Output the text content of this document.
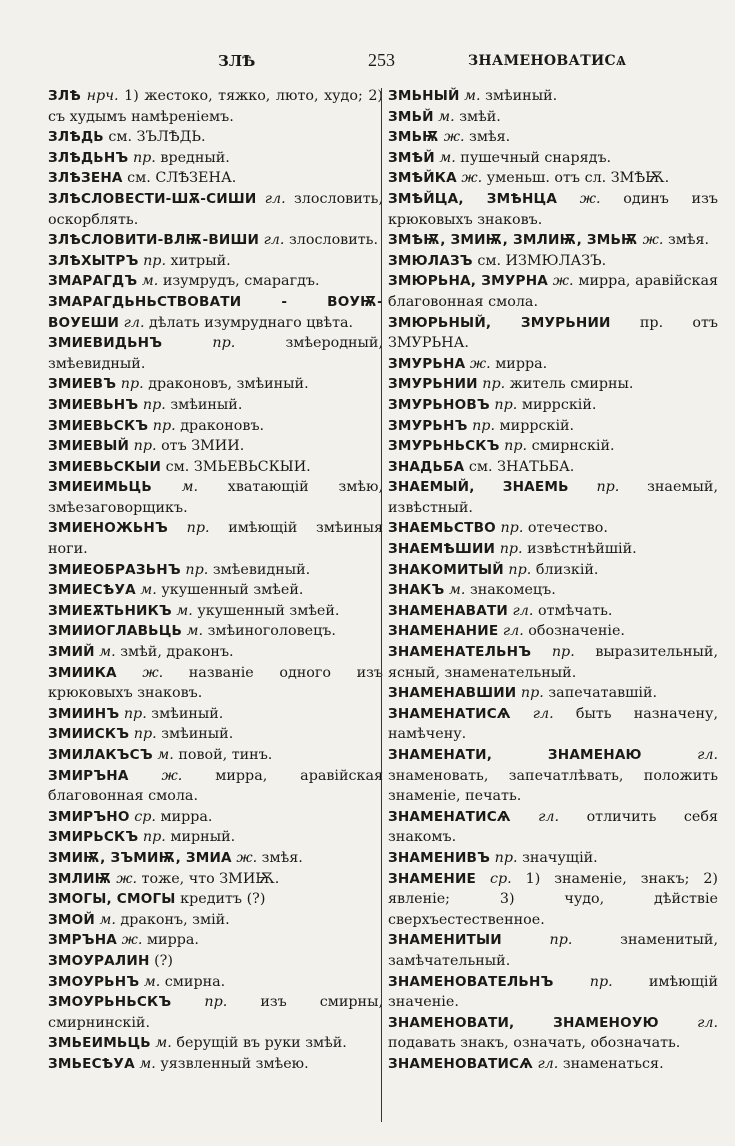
ЗЛѢ	253	ЗНАМЕНОВАТИСѦ
ЗЛѢ нрч. 1) жестоко, тяжко, люто, худо; 2) съ худымъ намѣреніемъ.
ЗЛѢДЬ см. ЗЪЛѢДЬ.
ЗЛѢДЬНЪ пр. вредный.
ЗЛѢЗЕНА см. СЛѢЗЕНА.
ЗЛѢСЛОВЕСТИ-ШѪ-СИШИ гл. злословить, оскорблять.
ЗЛѢСЛОВИТИ-ВЛѬ-ВИШИ гл. злословить.
ЗЛѢХЫТРЪ пр. хитрый.
ЗМАРАГДЪ м. изумрудъ, смарагдъ.
ЗМАРАГДЬНЬСТВОВАТИ - ВОУѬ-ВОУЕШИ гл. дѣлать изумруднаго цвѣта.
ЗМИЕВИДЬНЪ	пр.	змѣеродный, змѣевидный.
ЗМИЕВЪ пр. драконовъ, змѣиный.
ЗМИЕВЬНЪ пр. змѣиный.
ЗМИЕВЬСКЪ пр. драконовъ.
ЗМИЕВЫЙ пр. отъ ЗМИИ.
ЗМИЕВЬСКЫИ см. ЗМЬЕВЬСКЫИ.
ЗМИЕИМЬЦЬ м. хватающій змѣю, змѣезаговорщикъ.
ЗМИЕНОЖЬНЪ пр. имѣющій змѣиныя ноги.
ЗМИЕОБРАЗЬНЪ пр. змѣевидный.
ЗМИЕСѢУА м. укушенный змѣей.
ЗМИЕѪТЬНИКЪ м. укушенный змѣей.
ЗМИИОГЛАВЬЦЬ м. змѣиноголовецъ.
ЗМИЙ м. змѣй, драконъ.
ЗМИИКА ж. названіе одного изъ крюковыхъ знаковъ.
ЗМИИНЪ пр. змѣиный.
ЗМИИСКЪ пр. змѣиный.
ЗМИЛАКЪСЪ м. повой, тинъ.
ЗМИРЪНА ж. мирра, аравійская благовонная смола.
ЗМИРЪНО ср. мирра.
ЗМИРЬСКЪ пр. мирный.
ЗМИѬ, ЗЪМИѬ, ЗМИА ж. змѣя.
ЗМЛИѬ ж. тоже, что ЗМИѬ.
ЗМОГЫ, СМОГЫ кредитъ (?)
ЗМОЙ м. драконъ, змій.
ЗМРЪНА ж. мирра.
ЗМОУРАЛИН (?)
ЗМОУРЬНЪ м. смирна.
ЗМОУРЬНЬСКЪ пр. изъ смирны, смирнинскій.
ЗМЬЕИМЬЦЬ м. берущій въ руки змѣй.
ЗМЬЕСѢУА м. уязвленный змѣею.
ЗМЬНЫЙ м. змѣиный.
ЗМЬЙ м. змѣй.
ЗМЬѬ ж. змѣя.
ЗМѢЙ м. пушечный снарядъ.
ЗМѢЙКА ж. уменьш. отъ сл. ЗМѢѬ.
ЗМѢЙЦА, ЗМѢНЦА ж. одинъ изъ крюковыхъ знаковъ.
ЗМѢѬ, ЗМИѬ, ЗМЛИѬ, ЗМЬѬ ж. змѣя.
ЗМЮЛАЗЪ см. ИЗМЮЛАЗЪ.
ЗМЮРЬНА, ЗМУРНА ж. мирра, аравійская благовонная смола.
ЗМЮРЬНЫЙ, ЗМУРЬНИИ пр. отъ ЗМУРЬНА.
ЗМУРЬНА ж. мирра.
ЗМУРЬНИИ пр. житель смирны.
ЗМУРЬНОВЪ пр. миррскій.
ЗМУРЬНЪ пр. миррскій.
ЗМУРЬНЬСКЪ пр. смирнскій.
ЗНАДЬБА см. ЗНАТЬБА.
ЗНАЕМЫЙ, ЗНАЕМЬ пр. знаемый, извѣстный.
ЗНАЕМЬСТВО пр. отечество.
ЗНАЕМѢШИИ пр. извѣстнѣйшій.
ЗНАКОМИТЫЙ пр. близкій.
ЗНАКЪ м. знакомецъ.
ЗНАМЕНАВАТИ гл. отмѣчать.
ЗНАМЕНАНИЕ гл. обозначеніе.
ЗНАМЕНАТЕЛЬНЪ пр. выразительный, ясный, знаменательный.
ЗНАМЕНАВШИИ пр. запечатавшій.
ЗНАМЕНАТИСѦ гл. быть назначену, намѣчену.
ЗНАМЕНАТИ, ЗНАМЕНАЮ	гл. знаменовать, запечатлѣвать, положить знаменіе, печать.
ЗНАМЕНАТИСѦ гл. отличить себя знакомъ.
ЗНАМЕНИВЪ пр. значущій.
ЗНАМЕНИЕ ср. 1) знаменіе, знакъ; 2) явленіе; 3) чудо, дѣйствіе сверхъестественное.
ЗНАМЕНИТЫИ	пр.	знаменитый, замѣчательный.
ЗНАМЕНОВАТЕЛЬНЪ	пр.	имѣющій значеніе.
ЗНАМЕНОВАТИ, ЗНАМЕНОУЮ	гл. подавать знакъ, означать, обозначать.
ЗНАМЕНОВАТИСѦ гл. знаменаться.
